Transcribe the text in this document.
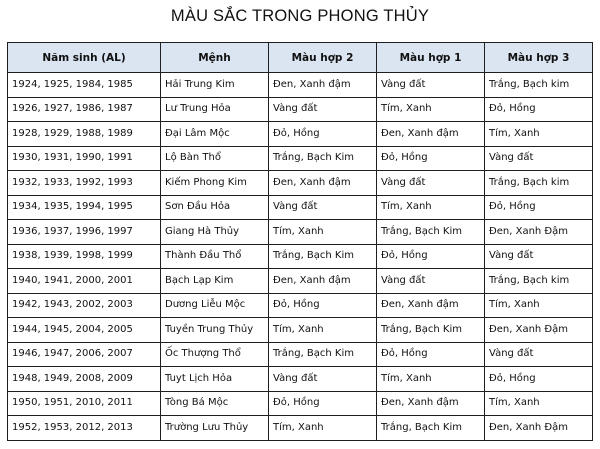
MÀU SẮC TRONG PHONG THỦY
Năm sinh (AL)	Mệnh	Màu hợp 2	Màu hợp 1	Màu hợp 3
1924, 1925, 1984, 1985	Hải Trung Kim	Đen, Xanh đậm	Vàng đất	Trắng, Bạch kim
1926, 1927, 1986, 1987	Lư Trung Hỏa	Vàng đất	Tím, Xanh	Đỏ, Hồng
1928, 1929, 1988, 1989	Đại Lâm Mộc	Đỏ, Hồng	Đen, Xanh đậm	Tím, Xanh
1930, 1931, 1990, 1991	Lộ Bàn Thổ	Trắng, Bạch Kim	Đỏ, Hồng	Vàng đất
1932, 1933, 1992, 1993	Kiếm Phong Kim	Đen, Xanh đậm	Vàng đất	Trắng, Bạch kim
1934, 1935, 1994, 1995	Sơn Đầu Hỏa	Vàng đất	Tím, Xanh	Đỏ, Hồng
1936, 1937, 1996, 1997	Giang Hà Thủy	Tím, Xanh	Trắng, Bạch Kim	Đen, Xanh Đậm
1938, 1939, 1998, 1999	Thành Đầu Thổ	Trắng, Bạch Kim	Đỏ, Hồng	Vàng đất
1940, 1941, 2000, 2001	Bạch Lạp Kim	Đen, Xanh đậm	Vàng đất	Trắng, Bạch kim
1942, 1943, 2002, 2003	Dương Liễu Mộc	Đỏ, Hồng	Đen, Xanh đậm	Tím, Xanh
1944, 1945, 2004, 2005	Tuyền Trung Thủy	Tím, Xanh	Trắng, Bạch Kim	Đen, Xanh Đậm
1946, 1947, 2006, 2007	Ốc Thượng Thổ	Trắng, Bạch Kim	Đỏ, Hồng	Vàng đất
1948, 1949, 2008, 2009	Tuyt Lịch Hỏa	Vàng đất	Tím, Xanh	Đỏ, Hồng
1950, 1951, 2010, 2011	Tòng Bá Mộc	Đỏ, Hồng	Đen, Xanh đậm	Tím, Xanh
1952, 1953, 2012, 2013	Trường Lưu Thủy	Tím, Xanh	Trắng, Bạch Kim	Đen, Xanh Đậm
